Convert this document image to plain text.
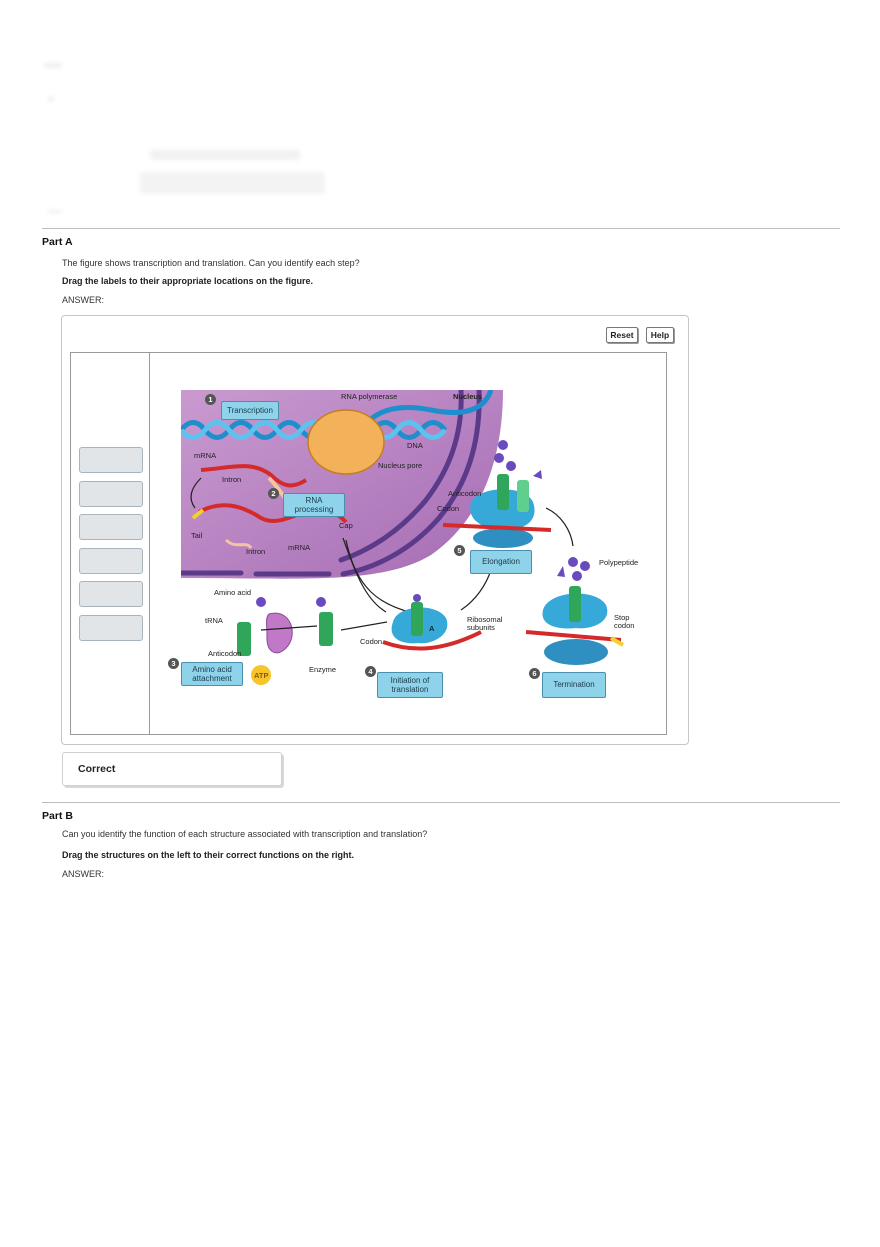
Part A
The figure shows transcription and translation. Can you identify each step?
Drag the labels to their appropriate locations on the figure.
ANSWER:
Reset	Help
1
2
3
4
5
6
Transcription
RNA processing
Elongation
Amino acid attachment	Initiation of translation
Termination
RNA polymerase	Nucleus
DNA
mRNA
Nucleus pore
Intron
Anticodon
Codon
Cap
Tail
Intron	mRNA
Polypeptide
Amino acid
tRNA	Ribosomal subunits
Stop codon
A
Codon
Anticodon
Enzyme
ATP
Correct
Part B
Can you identify the function of each structure associated with transcription and translation?
Drag the structures on the left to their correct functions on the right.
ANSWER:
